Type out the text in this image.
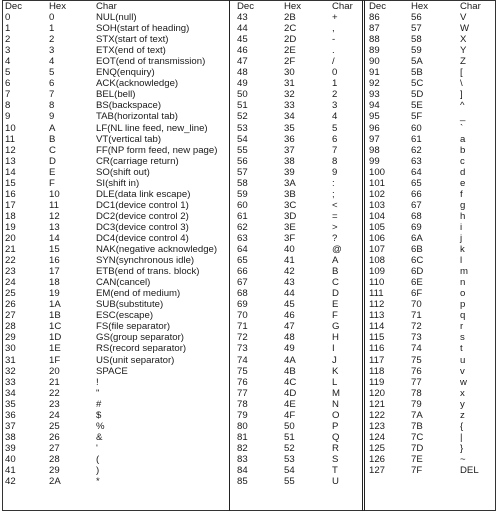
Dec	Hex	Char
0	0	NUL(null)
1	1	SOH(start of heading)
2	2	STX(start of text)
3	3	ETX(end of text)
4	4	EOT(end of transmission)
5	5	ENQ(enquiry)
6	6	ACK(acknowledge)
7	7	BEL(bell)
8	8	BS(backspace)
9	9	TAB(horizontal tab)
10	A	LF(NL line feed, new_line)
11	B	VT(vertical tab)
12	C	FF(NP form feed, new page)
13	D	CR(carriage return)
14	E	SO(shift out)
15	F	SI(shift in)
16	10	DLE(data link escape)
17	11	DC1(device control 1)
18	12	DC2(device control 2)
19	13	DC3(device control 3)
20	14	DC4(device control 4)
21	15	NAK(negative acknowledge)
22	16	SYN(synchronous idle)
23	17	ETB(end of trans. block)
24	18	CAN(cancel)
25	19	EM(end of medium)
26	1A	SUB(substitute)
27	1B	ESC(escape)
28	1C	FS(file separator)
29	1D	GS(group separator)
30	1E	RS(record separator)
31	1F	US(unit separator)
32	20	SPACE
33	21	!
34	22	"
35	23	#
36	24	$
37	25	%
38	26	&
39	27	'
40	28	(
41	29	)
42	2A	*
Dec	Hex	Char
43	2B	+
44	2C	,
45	2D	-
46	2E	.
47	2F	/
48	30	0
49	31	1
50	32	2
51	33	3
52	34	4
53	35	5
54	36	6
55	37	7
56	38	8
57	39	9
58	3A	:
59	3B	;
60	3C	<
61	3D	=
62	3E	>
63	3F	?
64	40	@
65	41	A
66	42	B
67	43	C
68	44	D
69	45	E
70	46	F
71	47	G
72	48	H
73	49	I
74	4A	J
75	4B	K
76	4C	L
77	4D	M
78	4E	N
79	4F	O
80	50	P
81	51	Q
82	52	R
83	53	S
84	54	T
85	55	U
Dec	Hex	Char
86	56	V
87	57	W
88	58	X
89	59	Y
90	5A	Z
91	5B	[
92	5C	\
93	5D	]
94	5E	^
95	5F	_
96	60	`
97	61	a
98	62	b
99	63	c
100	64	d
101	65	e
102	66	f
103	67	g
104	68	h
105	69	i
106	6A	j
107	6B	k
108	6C	l
109	6D	m
110	6E	n
111	6F	o
112	70	p
113	71	q
114	72	r
115	73	s
116	74	t
117	75	u
118	76	v
119	77	w
120	78	x
121	79	y
122	7A	z
123	7B	{
124	7C	|
125	7D	}
126	7E	~
127	7F	DEL
